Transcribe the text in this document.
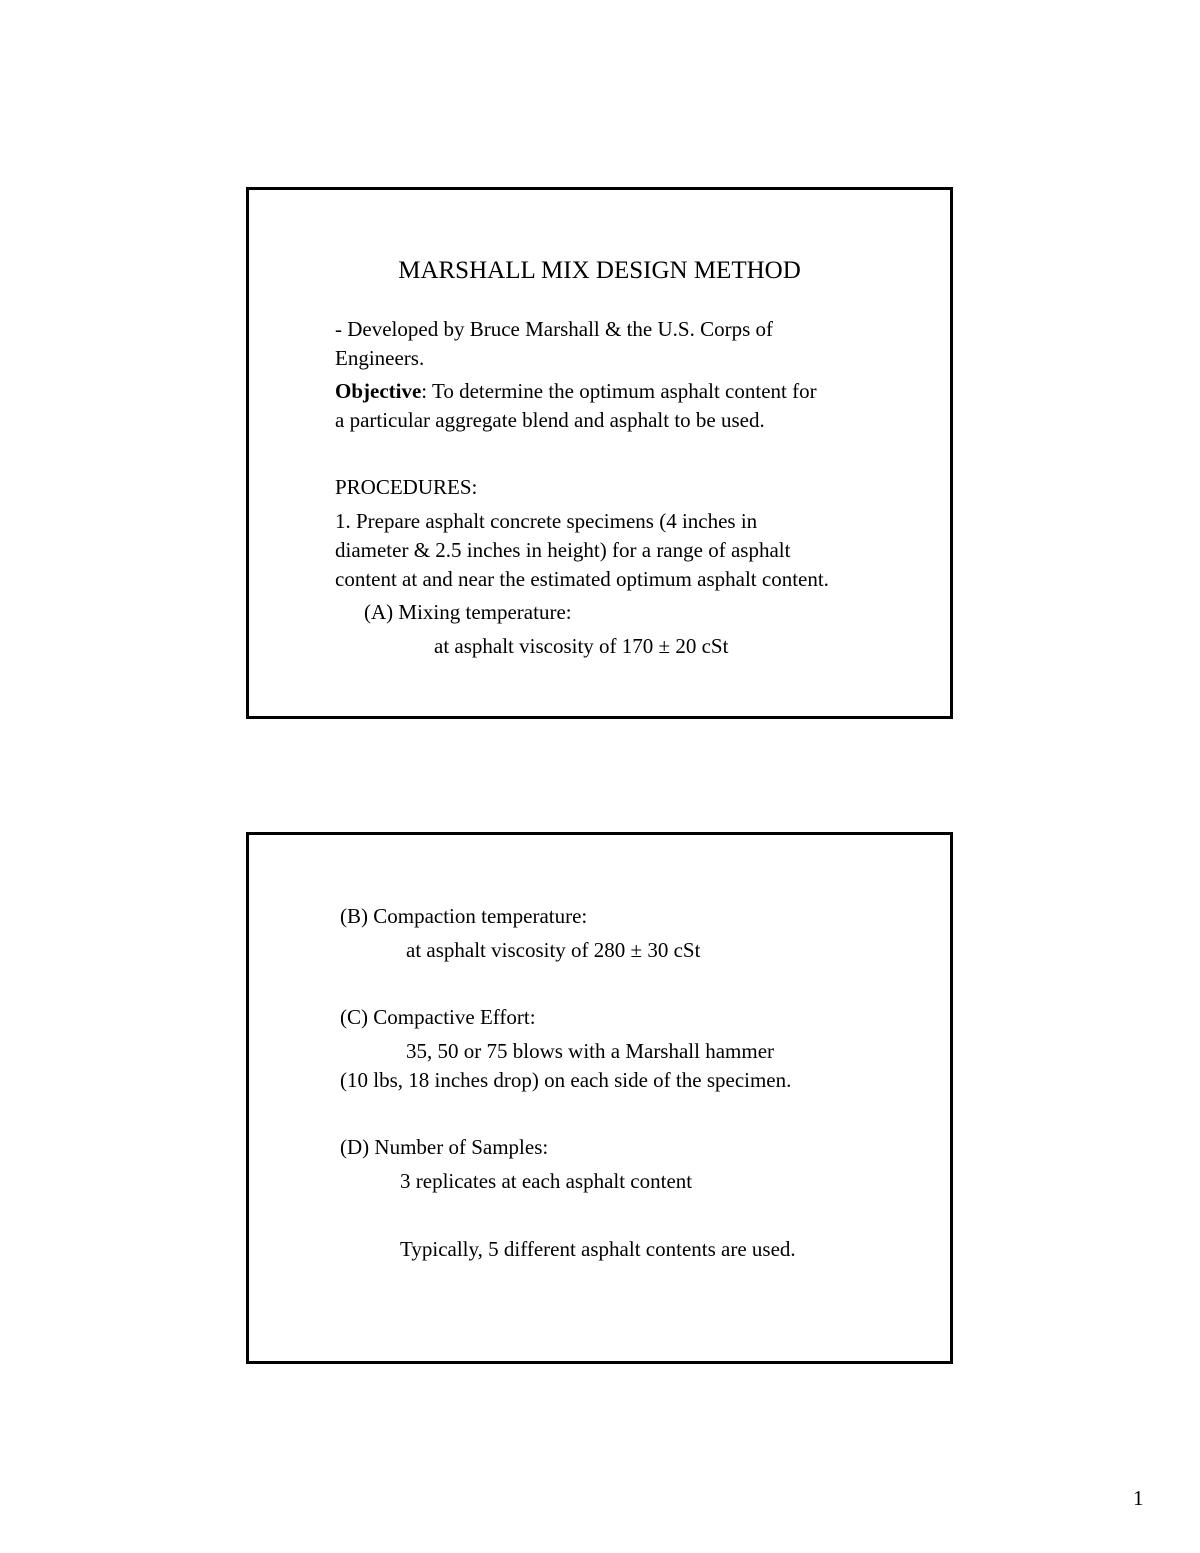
MARSHALL MIX DESIGN METHOD
- Developed by Bruce Marshall & the U.S. Corps of
Engineers.
Objective: To determine the optimum asphalt content for
a particular aggregate blend and asphalt to be used.
PROCEDURES:
1. Prepare asphalt concrete specimens (4 inches in
diameter & 2.5 inches in height) for a range of asphalt
content at and near the estimated optimum asphalt content.
(A) Mixing temperature:
at asphalt viscosity of 170 ± 20 cSt
(B) Compaction temperature:
at asphalt viscosity of 280 ± 30 cSt
(C) Compactive Effort:
35, 50 or 75 blows with a Marshall hammer
(10 lbs, 18 inches drop) on each side of the specimen.
(D) Number of Samples:
3 replicates at each asphalt content
Typically, 5 different asphalt contents are used.
1
